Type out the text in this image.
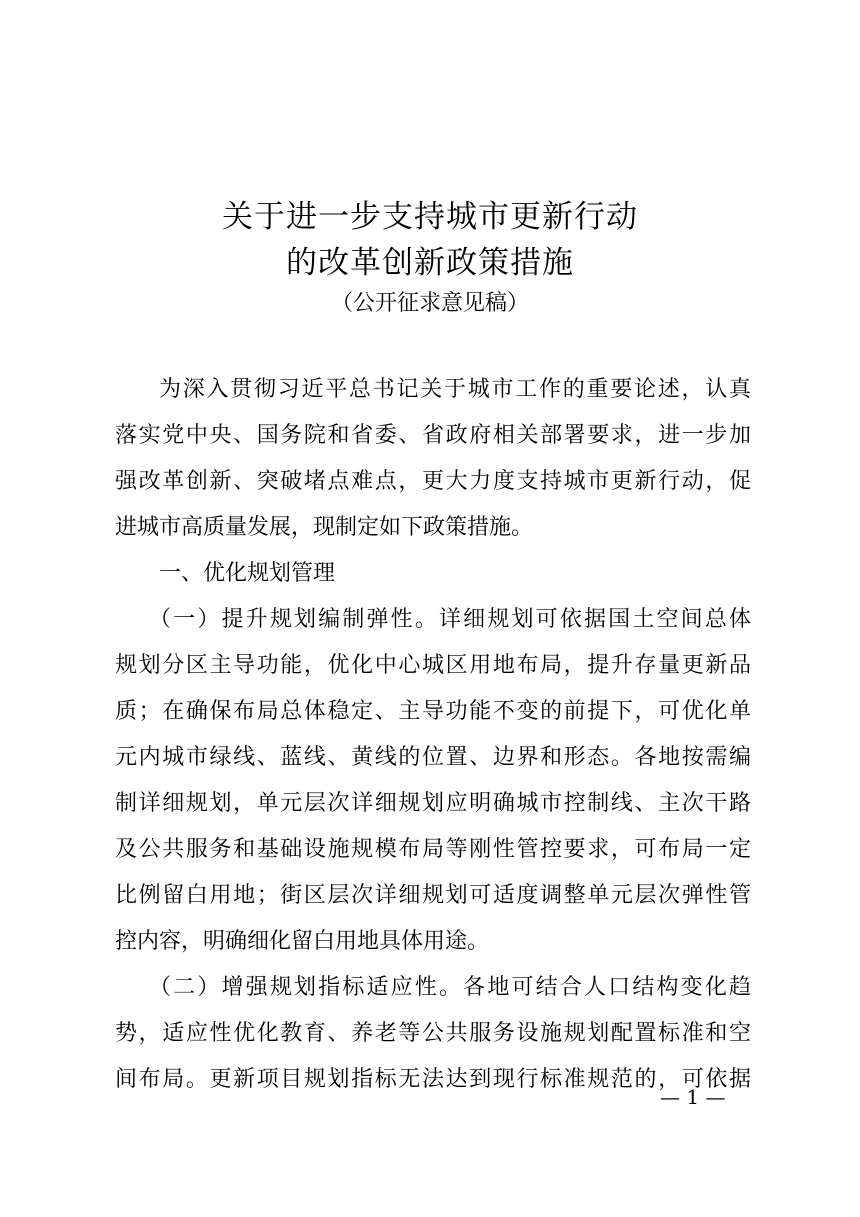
关于进一步支持城市更新行动
的改革创新政策措施
（公开征求意见稿）
为深入贯彻习近平总书记关于城市工作的重要论述，认真
落实党中央、国务院和省委、省政府相关部署要求，进一步加
强改革创新、突破堵点难点，更大力度支持城市更新行动，促
进城市高质量发展，现制定如下政策措施。
一、优化规划管理
（一）提升规划编制弹性。详细规划可依据国土空间总体
规划分区主导功能，优化中心城区用地布局，提升存量更新品
质；在确保布局总体稳定、主导功能不变的前提下，可优化单
元内城市绿线、蓝线、黄线的位置、边界和形态。各地按需编
制详细规划，单元层次详细规划应明确城市控制线、主次干路
及公共服务和基础设施规模布局等刚性管控要求，可布局一定
比例留白用地；街区层次详细规划可适度调整单元层次弹性管
控内容，明确细化留白用地具体用途。
（二）增强规划指标适应性。各地可结合人口结构变化趋
势，适应性优化教育、养老等公共服务设施规划配置标准和空
间布局。更新项目规划指标无法达到现行标准规范的，可依据
— 1 —
